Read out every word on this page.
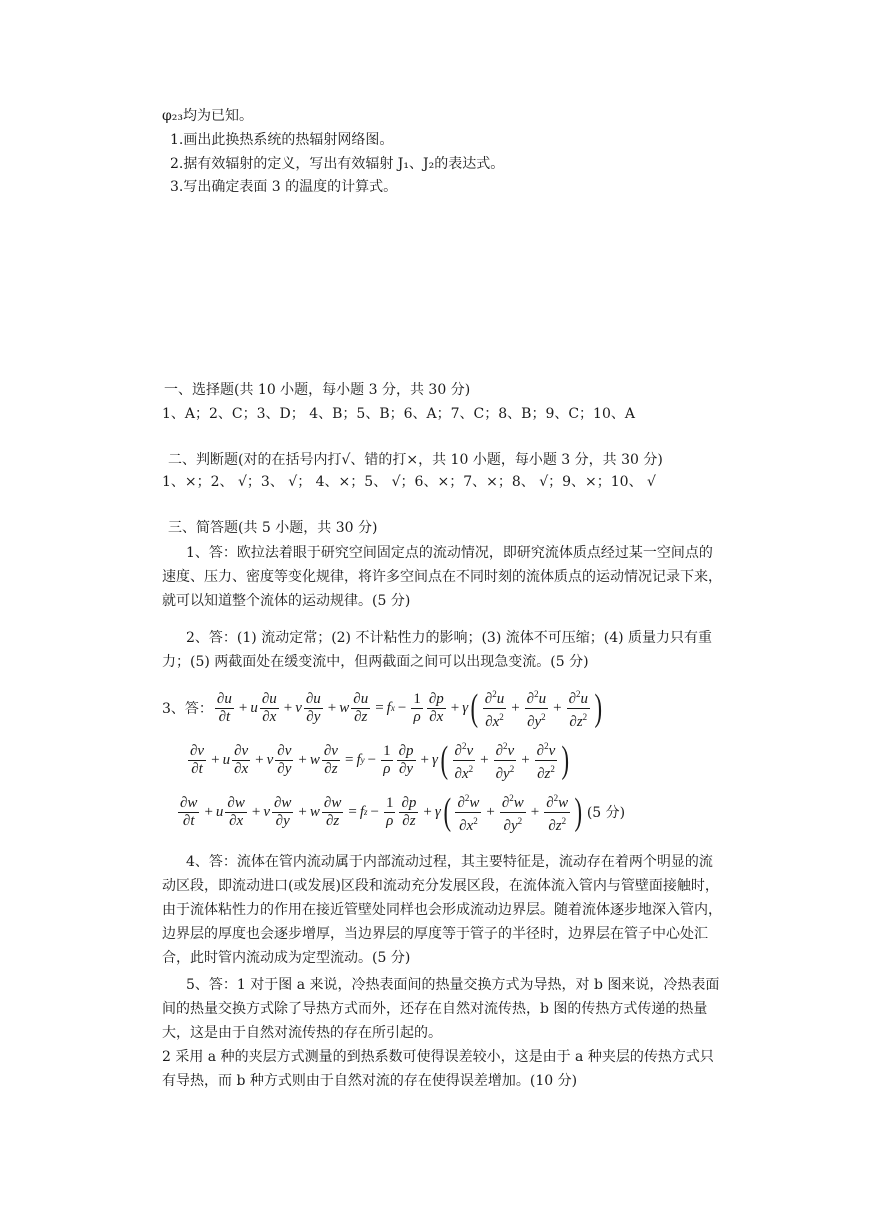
φ₂₃均为已知。
1.画出此换热系统的热辐射网络图。
2.据有效辐射的定义，写出有效辐射 J₁、J₂的表达式。
3.写出确定表面 3 的温度的计算式。
一、选择题(共 10 小题，每小题 3 分，共 30 分)
1、A；2、C；3、D； 4、B；5、B；6、A；7、C；8、B；9、C；10、A
二、判断题(对的在括号内打√、错的打×，共 10 小题，每小题 3 分，共 30 分)
1、×；2、 √；3、 √； 4、×；5、 √；6、×；7、×；8、 √；9、×；10、 √
三、简答题(共 5 小题，共 30 分)
1、答：欧拉法着眼于研究空间固定点的流动情况，即研究流体质点经过某一空间点的速度、压力、密度等变化规律，将许多空间点在不同时刻的流体质点的运动情况记录下来，就可以知道整个流体的运动规律。(5 分)
2、答：(1) 流动定常；(2) 不计粘性力的影响；(3) 流体不可压缩；(4) 质量力只有重力；(5) 两截面处在缓变流中，但两截面之间可以出现急变流。(5 分)
3、答： $\frac{\partial u}{\partial t} + u \frac{\partial u}{\partial x} + v \frac{\partial u}{\partial y} + w \frac{\partial u}{\partial z} = f$ $x - \frac{1}{\rho} \frac{\partial p}{\partial x} + \gamma$ ( $\frac{\partial^2u}{\partial x^2} + \frac{\partial^2u}{\partial y^2} + \frac{\partial^2u}{\partial z^2}$ )
$\frac{\partial v}{\partial t} + u \frac{\partial v}{\partial x} + v \frac{\partial v}{\partial y} + w \frac{\partial v}{\partial z} = f$ $y - \frac{1}{\rho} \frac{\partial p}{\partial y} + \gamma$ ( $\frac{\partial^2v}{\partial x^2} + \frac{\partial^2v}{\partial y^2} + \frac{\partial^2v}{\partial z^2}$ )
$\frac{\partial w}{\partial t} + u \frac{\partial w}{\partial x} + v \frac{\partial w}{\partial y} + w \frac{\partial w}{\partial z} = f$ $z - \frac{1}{\rho} \frac{\partial p}{\partial z} + \gamma$ ( $\frac{\partial^2w}{\partial x^2} + \frac{\partial^2w}{\partial y^2} + \frac{\partial^2w}{\partial z^2}$ ) (5 分)
4、答：流体在管内流动属于内部流动过程，其主要特征是，流动存在着两个明显的流动区段，即流动进口(或发展)区段和流动充分发展区段，在流体流入管内与管壁面接触时，由于流体粘性力的作用在接近管壁处同样也会形成流动边界层。随着流体逐步地深入管内，边界层的厚度也会逐步增厚，当边界层的厚度等于管子的半径时，边界层在管子中心处汇合，此时管内流动成为定型流动。(5 分)
5、答：1 对于图 a 来说，冷热表面间的热量交换方式为导热，对 b 图来说，冷热表面间的热量交换方式除了导热方式而外，还存在自然对流传热，b 图的传热方式传递的热量大，这是由于自然对流传热的存在所引起的。
2 采用 a 种的夹层方式测量的到热系数可使得误差较小，这是由于 a 种夹层的传热方式只有导热，而 b 种方式则由于自然对流的存在使得误差增加。(10 分)
